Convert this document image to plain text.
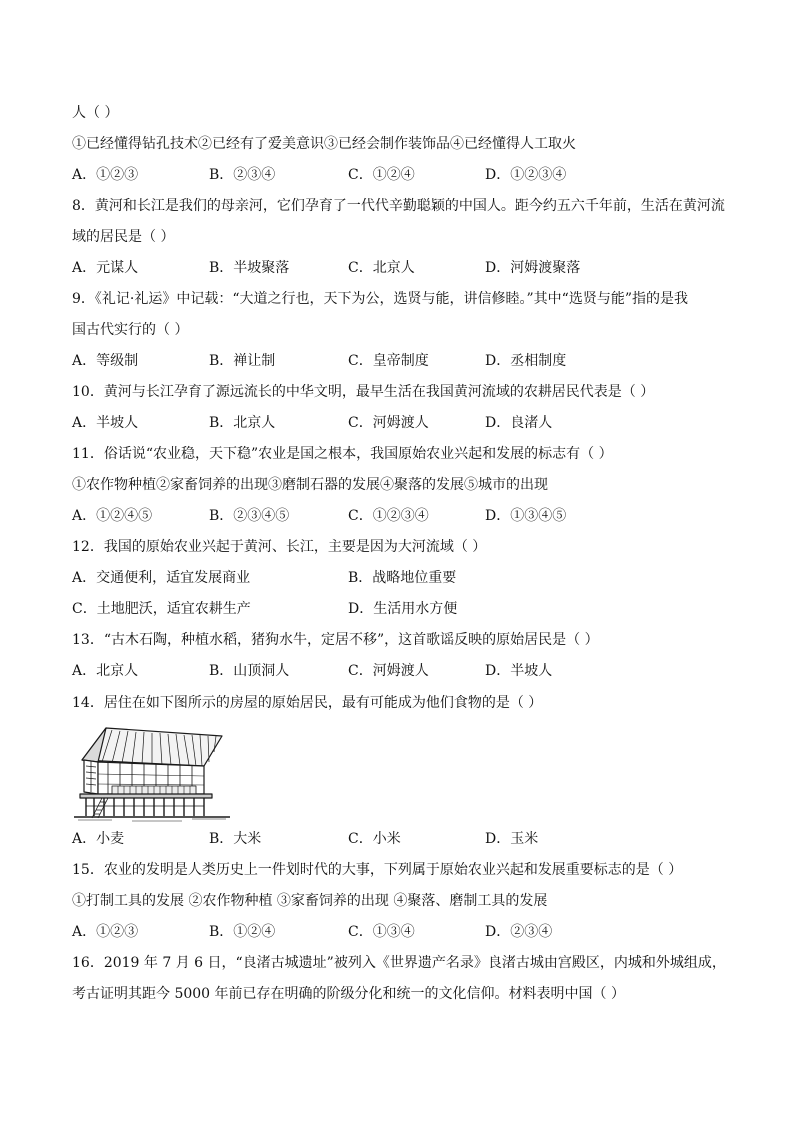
人（ ）
①已经懂得钻孔技术②已经有了爱美意识③已经会制作装饰品④已经懂得人工取火
A．①②③	B．②③④	C．①②④	D．①②③④
8．黄河和长江是我们的母亲河，它们孕育了一代代辛勤聪颖的中国人。距今约五六千年前，生活在黄河流
域的居民是（ ）
A．元谋人	B．半坡聚落	C．北京人	D．河姆渡聚落
9．《礼记·礼运》中记载：“大道之行也，天下为公，选贤与能，讲信修睦。”其中“选贤与能”指的是我
国古代实行的（ ）
A．等级制	B．禅让制	C．皇帝制度	D．丞相制度
10．黄河与长江孕育了源远流长的中华文明，最早生活在我国黄河流域的农耕居民代表是（ ）
A．半坡人	B．北京人	C．河姆渡人	D．良渚人
11．俗话说“农业稳，天下稳”农业是国之根本，我国原始农业兴起和发展的标志有（ ）
①农作物种植②家畜饲养的出现③磨制石器的发展④聚落的发展⑤城市的出现
A．①②④⑤	B．②③④⑤	C．①②③④	D．①③④⑤
12．我国的原始农业兴起于黄河、长江，主要是因为大河流域（ ）
A．交通便利，适宜发展商业	B．战略地位重要
C．土地肥沃，适宜农耕生产	D．生活用水方便
13．“古木石陶，种植水稻，猪狗水牛，定居不移”，这首歌谣反映的原始居民是（ ）
A．北京人	B．山顶洞人	C．河姆渡人	D．半坡人
14．居住在如下图所示的房屋的原始居民，最有可能成为他们食物的是（ ）
A．小麦	B．大米	C．小米	D．玉米
15．农业的发明是人类历史上一件划时代的大事，下列属于原始农业兴起和发展重要标志的是（ ）
①打制工具的发展 ②农作物种植 ③家畜饲养的出现 ④聚落、磨制工具的发展
A．①②③	B．①②④	C．①③④	D．②③④
16．2019 年 7 月 6 日，“良渚古城遗址”被列入《世界遗产名录》良渚古城由宫殿区，内城和外城组成，
考古证明其距今 5000 年前已存在明确的阶级分化和统一的文化信仰。材料表明中国（ ）
